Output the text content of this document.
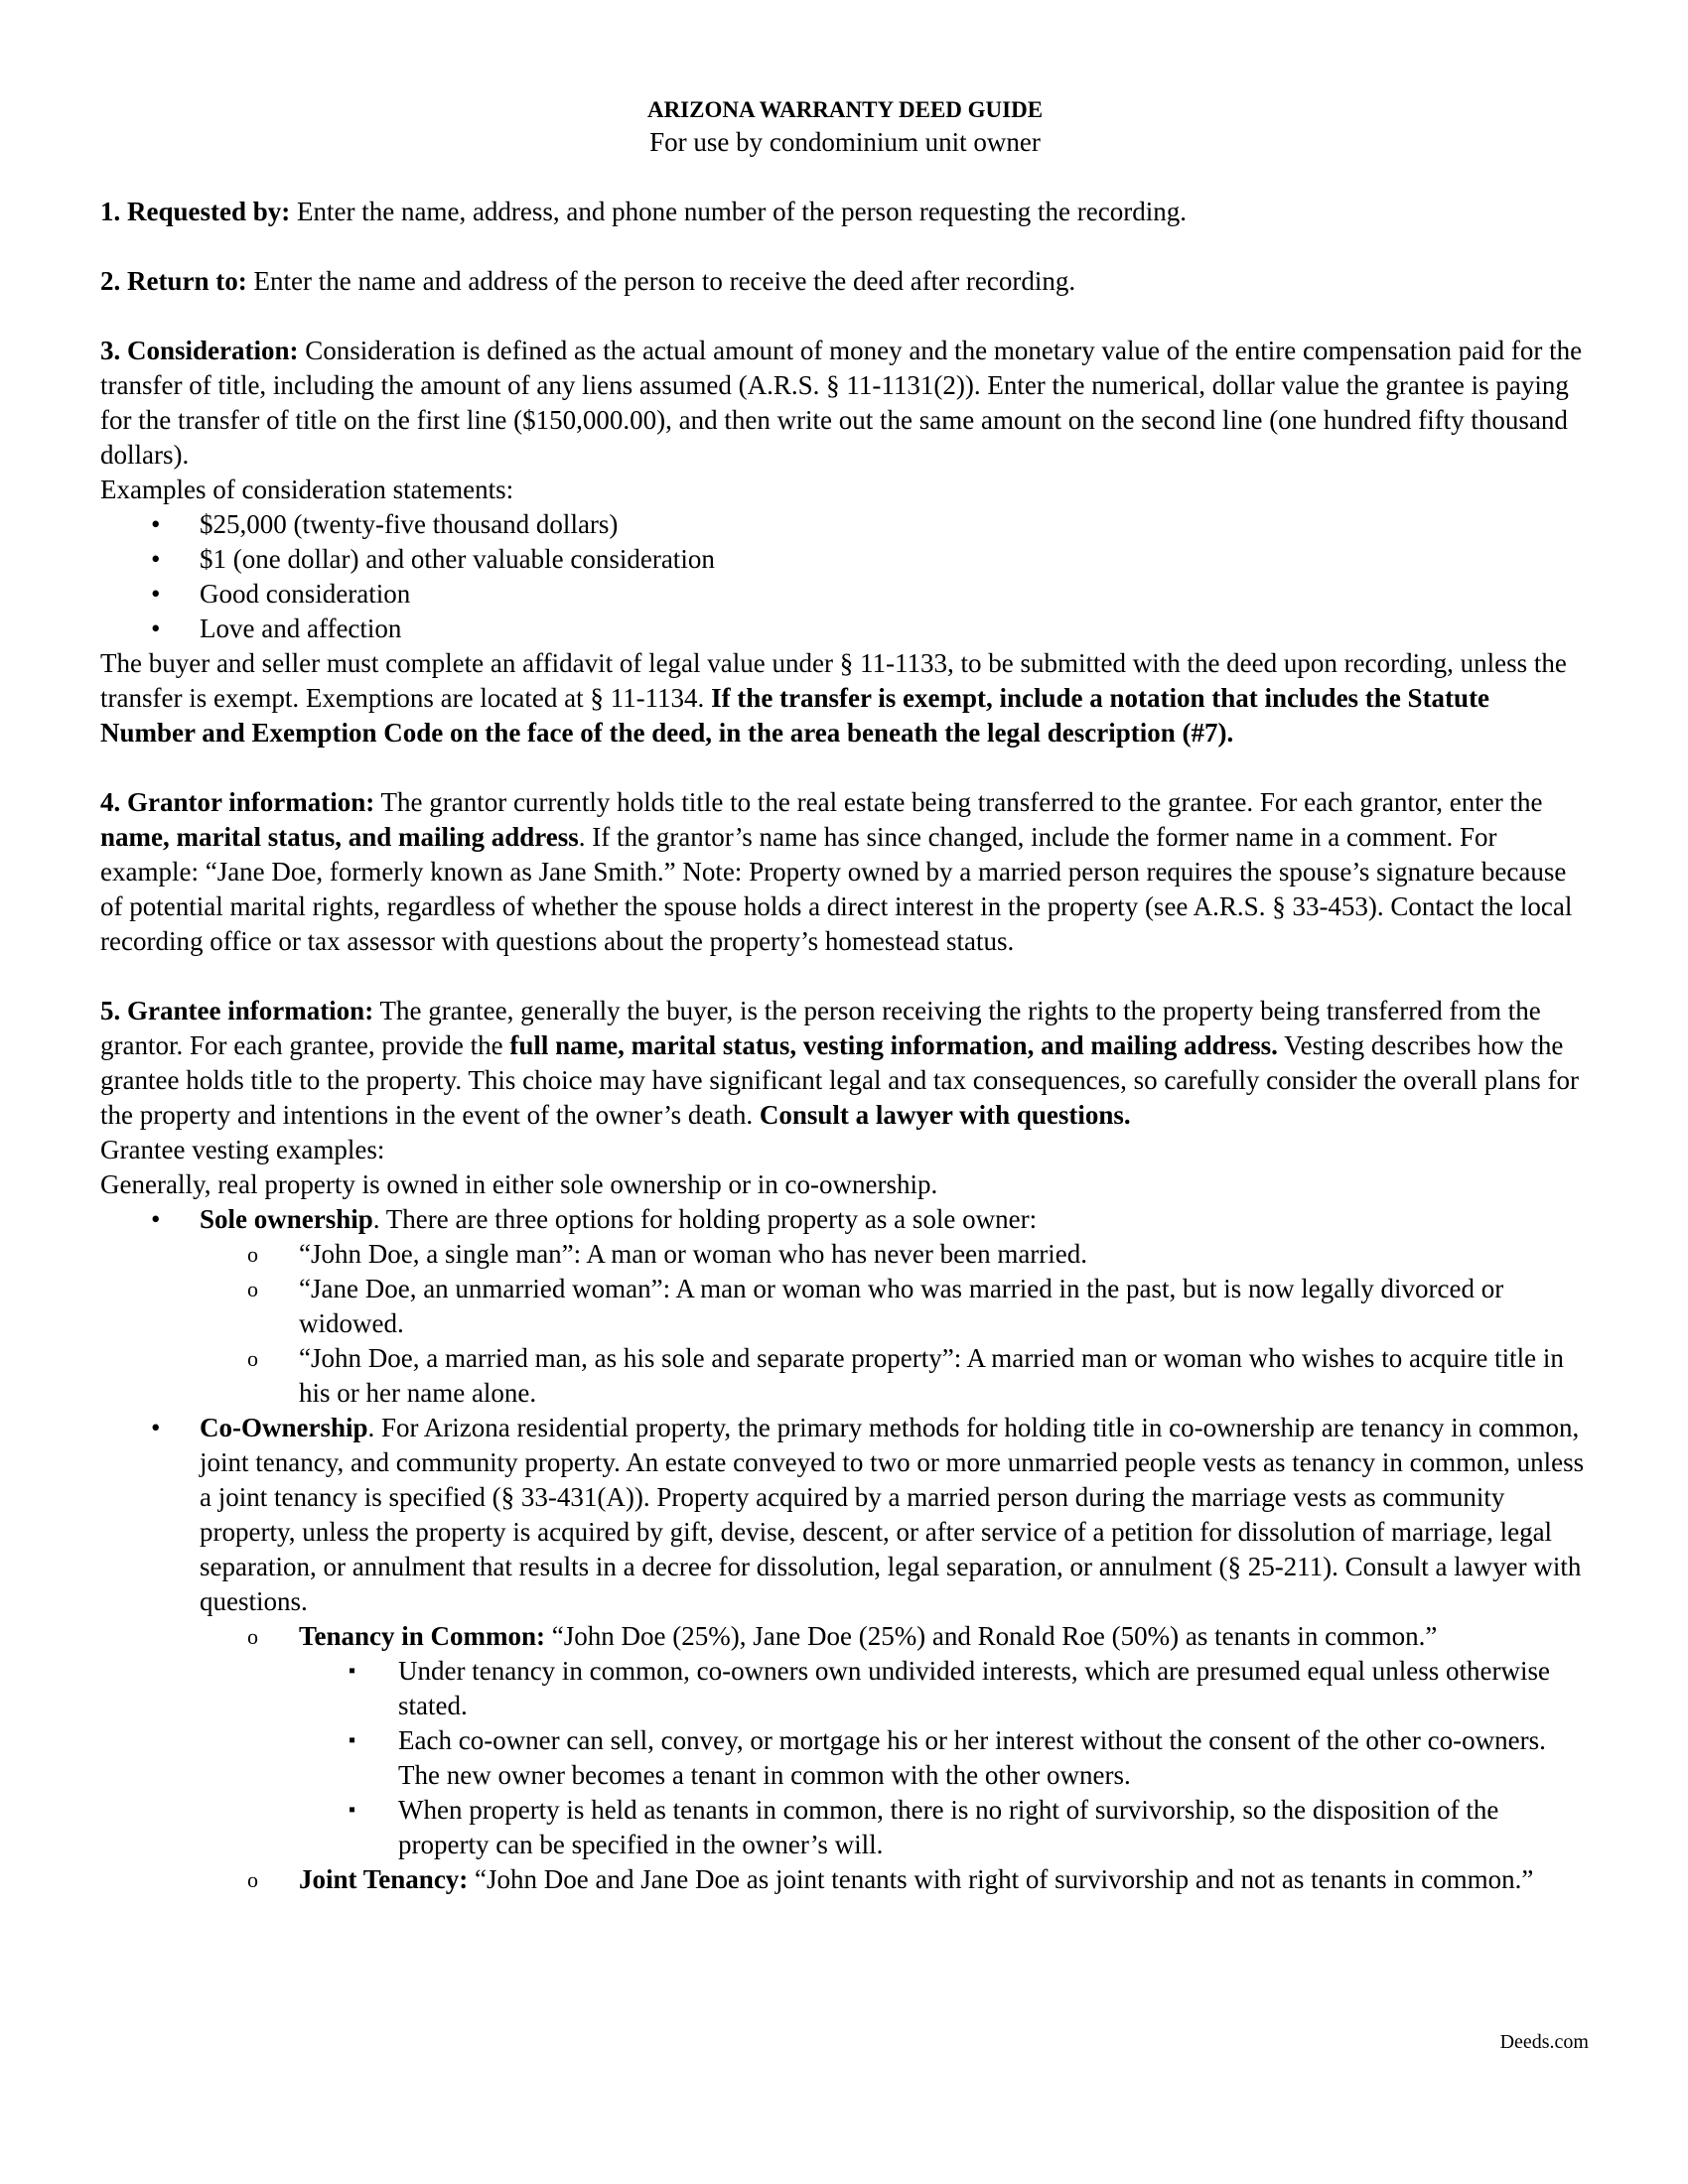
ARIZONA WARRANTY DEED GUIDE
For use by condominium unit owner

1. Requested by: Enter the name, address, and phone number of the person requesting the recording.

2. Return to: Enter the name and address of the person to receive the deed after recording.

3. Consideration: Consideration is defined as the actual amount of money and the monetary value of the entire compensation paid for the transfer of title, including the amount of any liens assumed (A.R.S. § 11-1131(2)). Enter the numerical, dollar value the grantee is paying for the transfer of title on the first line ($150,000.00), and then write out the same amount on the second line (one hundred fifty thousand dollars).

Examples of consideration statements:

• $25,000 (twenty-five thousand dollars)
• $1 (one dollar) and other valuable consideration
• Good consideration
• Love and affection

The buyer and seller must complete an affidavit of legal value under § 11-1133, to be submitted with the deed upon recording, unless the transfer is exempt. Exemptions are located at § 11-1134. If the transfer is exempt, include a notation that includes the Statute Number and Exemption Code on the face of the deed, in the area beneath the legal description (#7).

4. Grantor information: The grantor currently holds title to the real estate being transferred to the grantee. For each grantor, enter the name, marital status, and mailing address. If the grantor’s name has since changed, include the former name in a comment. For example: “Jane Doe, formerly known as Jane Smith.” Note: Property owned by a married person requires the spouse’s signature because of potential marital rights, regardless of whether the spouse holds a direct interest in the property (see A.R.S. § 33-453). Contact the local recording office or tax assessor with questions about the property’s homestead status.

5. Grantee information: The grantee, generally the buyer, is the person receiving the rights to the property being transferred from the grantor. For each grantee, provide the full name, marital status, vesting information, and mailing address. Vesting describes how the grantee holds title to the property. This choice may have significant legal and tax consequences, so carefully consider the overall plans for the property and intentions in the event of the owner’s death. Consult a lawyer with questions.

Grantee vesting examples:

Generally, real property is owned in either sole ownership or in co-ownership.

• Sole ownership. There are three options for holding property as a sole owner:
o “John Doe, a single man”: A man or woman who has never been married.
o “Jane Doe, an unmarried woman”: A man or woman who was married in the past, but is now legally divorced or widowed.
o “John Doe, a married man, as his sole and separate property”: A married man or woman who wishes to acquire title in his or her name alone.
• Co-Ownership. For Arizona residential property, the primary methods for holding title in co-ownership are tenancy in common, joint tenancy, and community property. An estate conveyed to two or more unmarried people vests as tenancy in common, unless a joint tenancy is specified (§ 33-431(A)). Property acquired by a married person during the marriage vests as community property, unless the property is acquired by gift, devise, descent, or after service of a petition for dissolution of marriage, legal separation, or annulment that results in a decree for dissolution, legal separation, or annulment (§ 25-211). Consult a lawyer with questions.
o Tenancy in Common: “John Doe (25%), Jane Doe (25%) and Ronald Roe (50%) as tenants in common.”
▪ Under tenancy in common, co-owners own undivided interests, which are presumed equal unless otherwise stated.
▪ Each co-owner can sell, convey, or mortgage his or her interest without the consent of the other co-owners. The new owner becomes a tenant in common with the other owners.
▪ When property is held as tenants in common, there is no right of survivorship, so the disposition of the property can be specified in the owner’s will.
o Joint Tenancy: “John Doe and Jane Doe as joint tenants with right of survivorship and not as tenants in common.”
Deeds.com
